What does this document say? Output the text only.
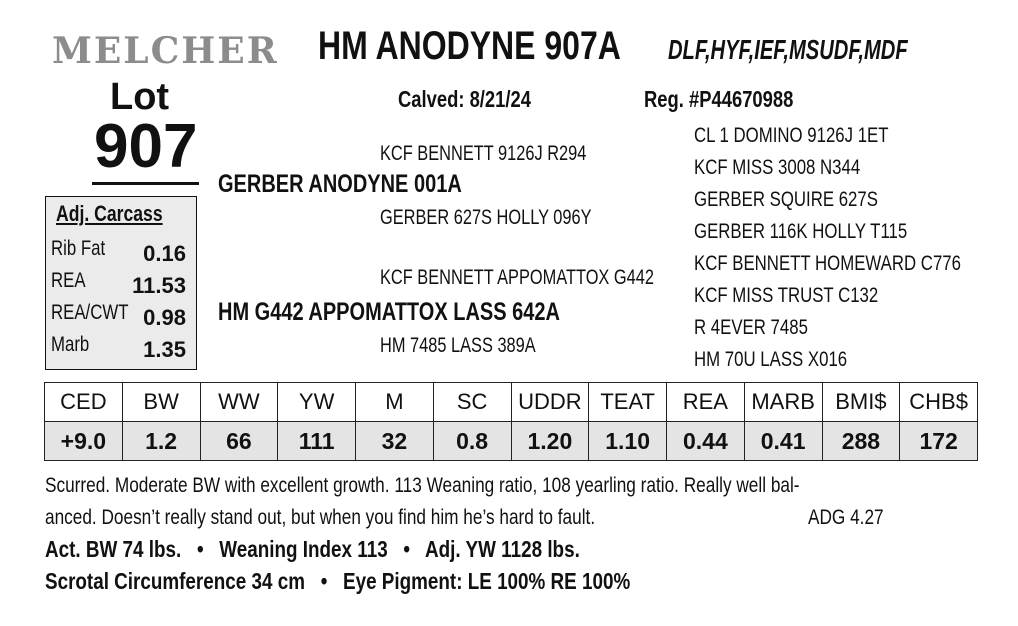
MELCHER
Lot
907
HM ANODYNE 907A DLF,HYF,IEF,MSUDF,MDF
Calved: 8/21/24	Reg. #P44670988
KCF BENNETT 9126J R294
GERBER ANODYNE 001A
GERBER 627S HOLLY 096Y
KCF BENNETT APPOMATTOX G442
HM G442 APPOMATTOX LASS 642A
HM 7485 LASS 389A
CL 1 DOMINO 9126J 1ET
KCF MISS 3008 N344
GERBER SQUIRE 627S
GERBER 116K HOLLY T115
KCF BENNETT HOMEWARD C776
KCF MISS TRUST C132
R 4EVER 7485
HM 70U LASS X016
Adj. Carcass
Rib Fat 0.16
REA 11.53
REA/CWT 0.98
Marb 1.35
CED	BW	WW	YW	M	SC	UDDR	TEAT	REA	MARB	BMI$	CHB$
+9.0	1.2	66	111	32	0.8	1.20	1.10	0.44	0.41	288	172
Scurred. Moderate BW with excellent growth. 113 Weaning ratio, 108 yearling ratio. Really well bal-
anced. Doesn’t really stand out, but when you find him he’s hard to fault.	ADG 4.27
Act. BW 74 lbs.   •   Weaning Index 113   •   Adj. YW 1128 lbs.
Scrotal Circumference 34 cm   •   Eye Pigment: LE 100% RE 100%
